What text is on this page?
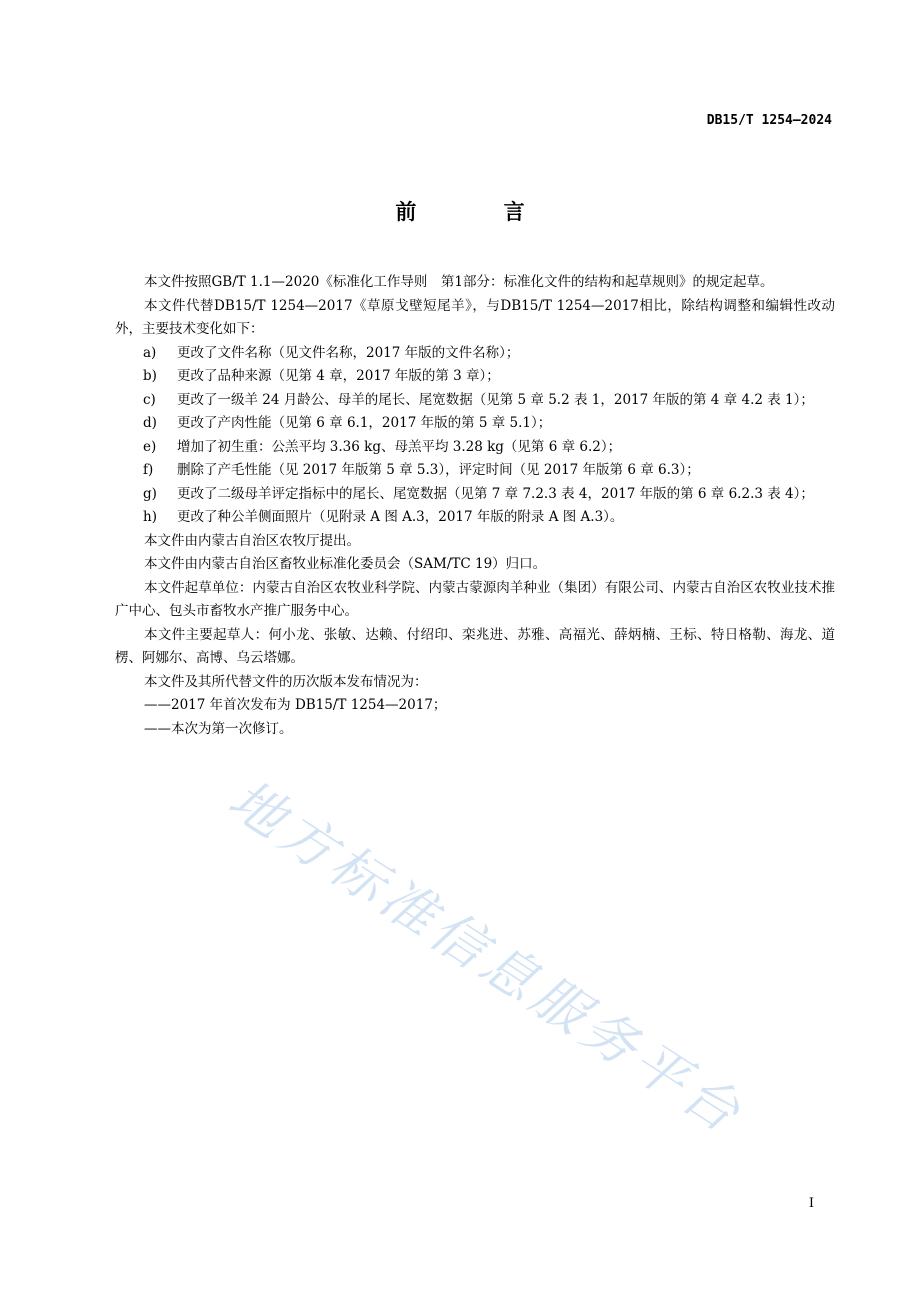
DB15/T 1254—2024
前 言

本文件按照GB/T 1.1—2020《标准化工作导则　第1部分：标准化文件的结构和起草规则》的规定起草。

本文件代替DB15/T 1254—2017《草原戈壁短尾羊》，与DB15/T 1254—2017相比，除结构调整和编辑性改动外，主要技术变化如下：

a)	更改了文件名称（见文件名称，2017 年版的文件名称）；
b)	更改了品种来源（见第 4 章，2017 年版的第 3 章）；
c)	更改了一级羊 24 月龄公、母羊的尾长、尾宽数据（见第 5 章 5.2 表 1，2017 年版的第 4 章 4.2 表 1）；
d)	更改了产肉性能（见第 6 章 6.1，2017 年版的第 5 章 5.1）；
e)	增加了初生重：公羔平均 3.36 kg、母羔平均 3.28 kg（见第 6 章 6.2）；
f)	删除了产毛性能（见 2017 年版第 5 章 5.3），评定时间（见 2017 年版第 6 章 6.3）；
g)	更改了二级母羊评定指标中的尾长、尾宽数据（见第 7 章 7.2.3 表 4，2017 年版的第 6 章 6.2.3 表 4）；
h)	更改了种公羊侧面照片（见附录 A 图 A.3，2017 年版的附录 A 图 A.3）。

本文件由内蒙古自治区农牧厅提出。

本文件由内蒙古自治区畜牧业标准化委员会（SAM/TC 19）归口。

本文件起草单位：内蒙古自治区农牧业科学院、内蒙古蒙源肉羊种业（集团）有限公司、内蒙古自治区农牧业技术推广中心、包头市畜牧水产推广服务中心。

本文件主要起草人：何小龙、张敏、达赖、付绍印、栾兆进、苏雅、高福光、薛炳楠、王标、特日格勒、海龙、道楞、阿娜尔、高博、乌云塔娜。

本文件及其所代替文件的历次版本发布情况为：

——2017 年首次发布为 DB15/T 1254—2017；

——本次为第一次修订。

地方标准信息服务平台
I
